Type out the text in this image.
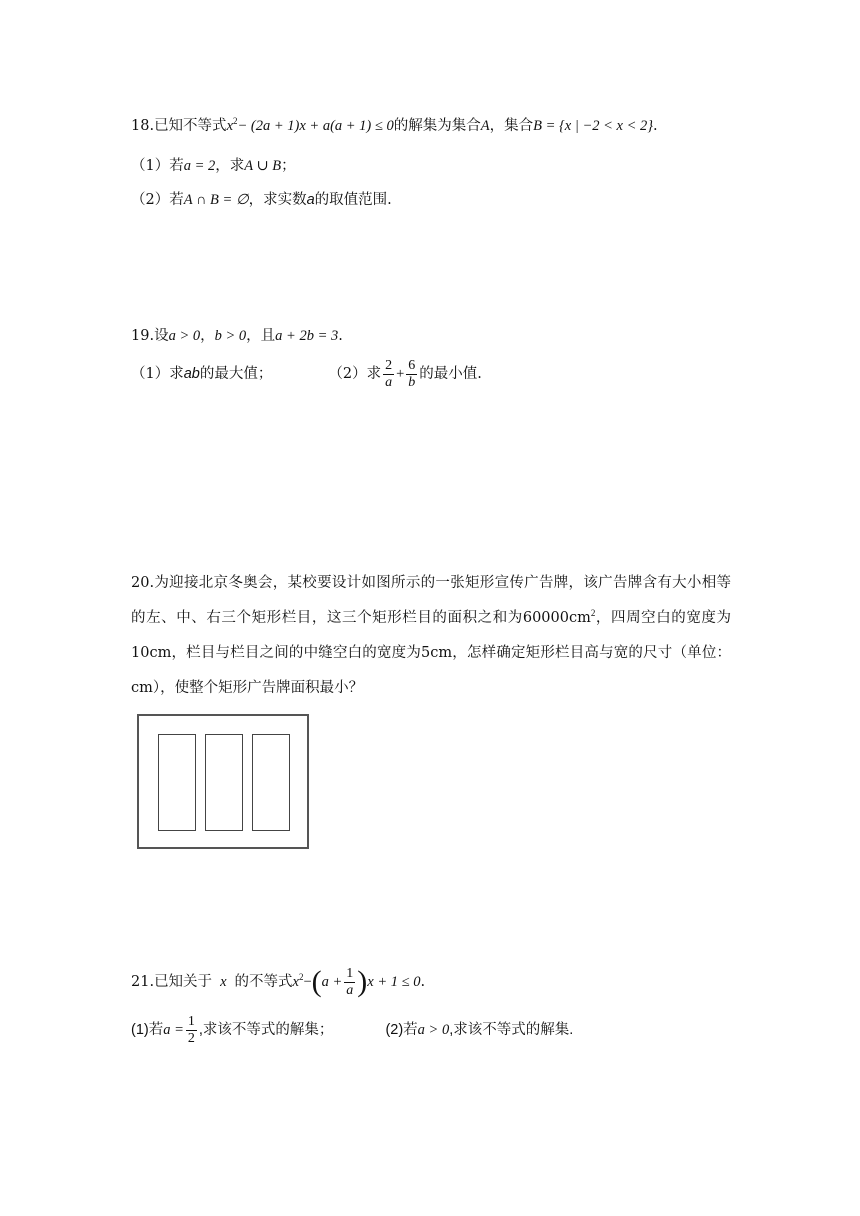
18.已知不等式$x^2- (2a + 1)x + a(a + 1) \le 0$的解集为集合A，集合B = {x | −2 < x < 2}.
（1）若a = 2，求A ∪ B；
（2）若A ∩ B = ∅，求实数a的取值范围.
19.设a > 0，b > 0，且a + 2b = 3.
（1）求ab的最大值；	（2）求 $\frac{2}{a} + \frac{6}{b}$ 的最小值.
20.为迎接北京冬奥会，某校要设计如图所示的一张矩形宣传广告牌，该广告牌含有大小相等的左、中、右三个矩形栏目，这三个矩形栏目的面积之和为$60000cm^2$，四周空白的宽度为10cm，栏目与栏目之间的中缝空白的宽度为5cm，怎样确定矩形栏目高与宽的尺寸（单位：cm），使整个矩形广告牌面积最小？
21.已知关于 x 的不等式$x^2-(a + \frac{1}{a} )x + 1 \le 0$.
(1)若$a = \frac{1}{2}$ ,求该不等式的解集；	(2)若a > 0,求该不等式的解集.
